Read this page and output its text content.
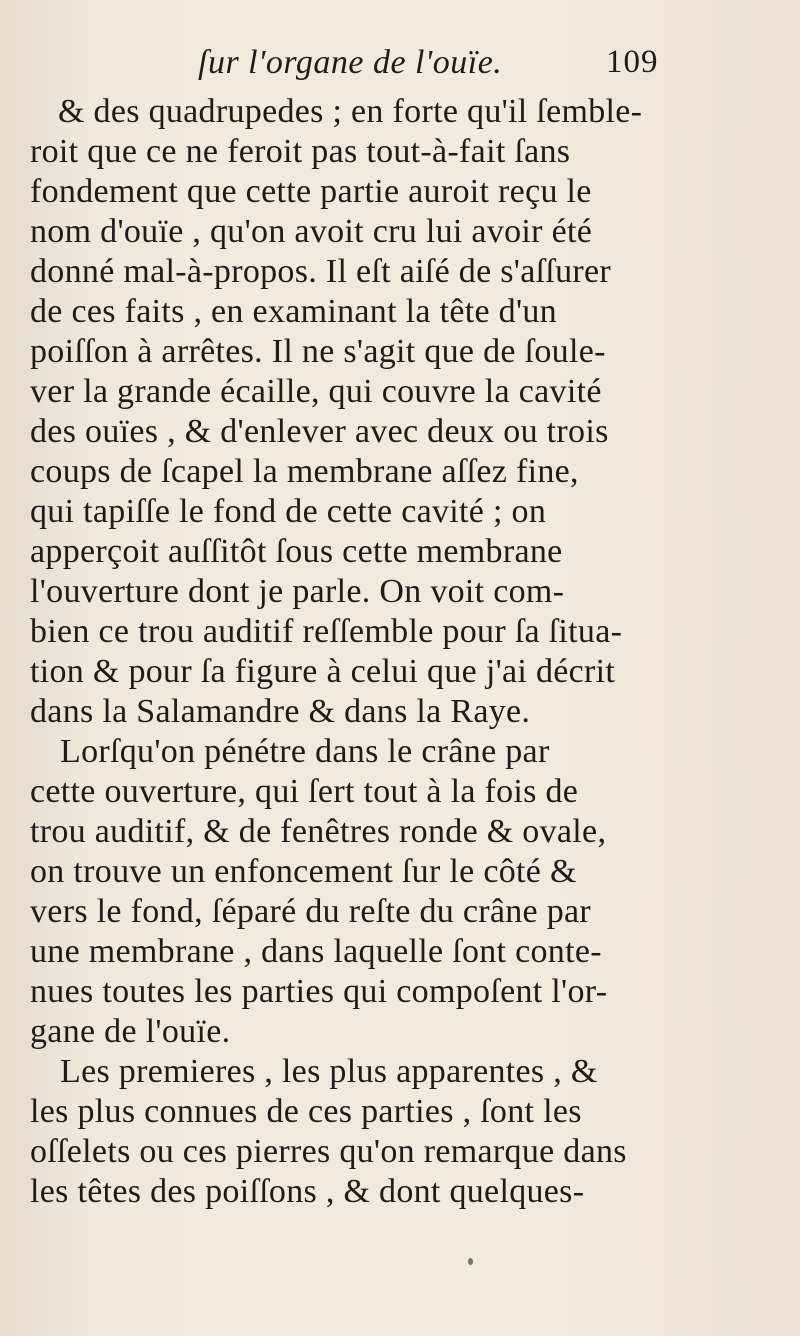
ſur l'organe de l'ouïe.	109
& des quadrupedes ; en forte qu'il ſemble-
roit que ce ne feroit pas tout-à-fait ſans
fondement que cette partie auroit reçu le
nom d'ouïe , qu'on avoit cru lui avoir été
donné mal-à-propos. Il eſt aiſé de s'aſſurer
de ces faits , en examinant la tête d'un
poiſſon à arrêtes. Il ne s'agit que de ſoule-
ver la grande écaille, qui couvre la cavité
des ouïes , & d'enlever avec deux ou trois
coups de ſcapel la membrane aſſez fine,
qui tapiſſe le fond de cette cavité ; on
apperçoit auſſitôt ſous cette membrane
l'ouverture dont je parle. On voit com-
bien ce trou auditif reſſemble pour ſa ſitua-
tion & pour ſa figure à celui que j'ai décrit
dans la Salamandre & dans la Raye.
Lorſqu'on pénétre dans le crâne par
cette ouverture, qui ſert tout à la fois de
trou auditif, & de fenêtres ronde & ovale,
on trouve un enfoncement ſur le côté &
vers le fond, ſéparé du reſte du crâne par
une membrane , dans laquelle ſont conte-
nues toutes les parties qui compoſent l'or-
gane de l'ouïe.
Les premieres , les plus apparentes , &
les plus connues de ces parties , ſont les
oſſelets ou ces pierres qu'on remarque dans
les têtes des poiſſons , & dont quelques-
